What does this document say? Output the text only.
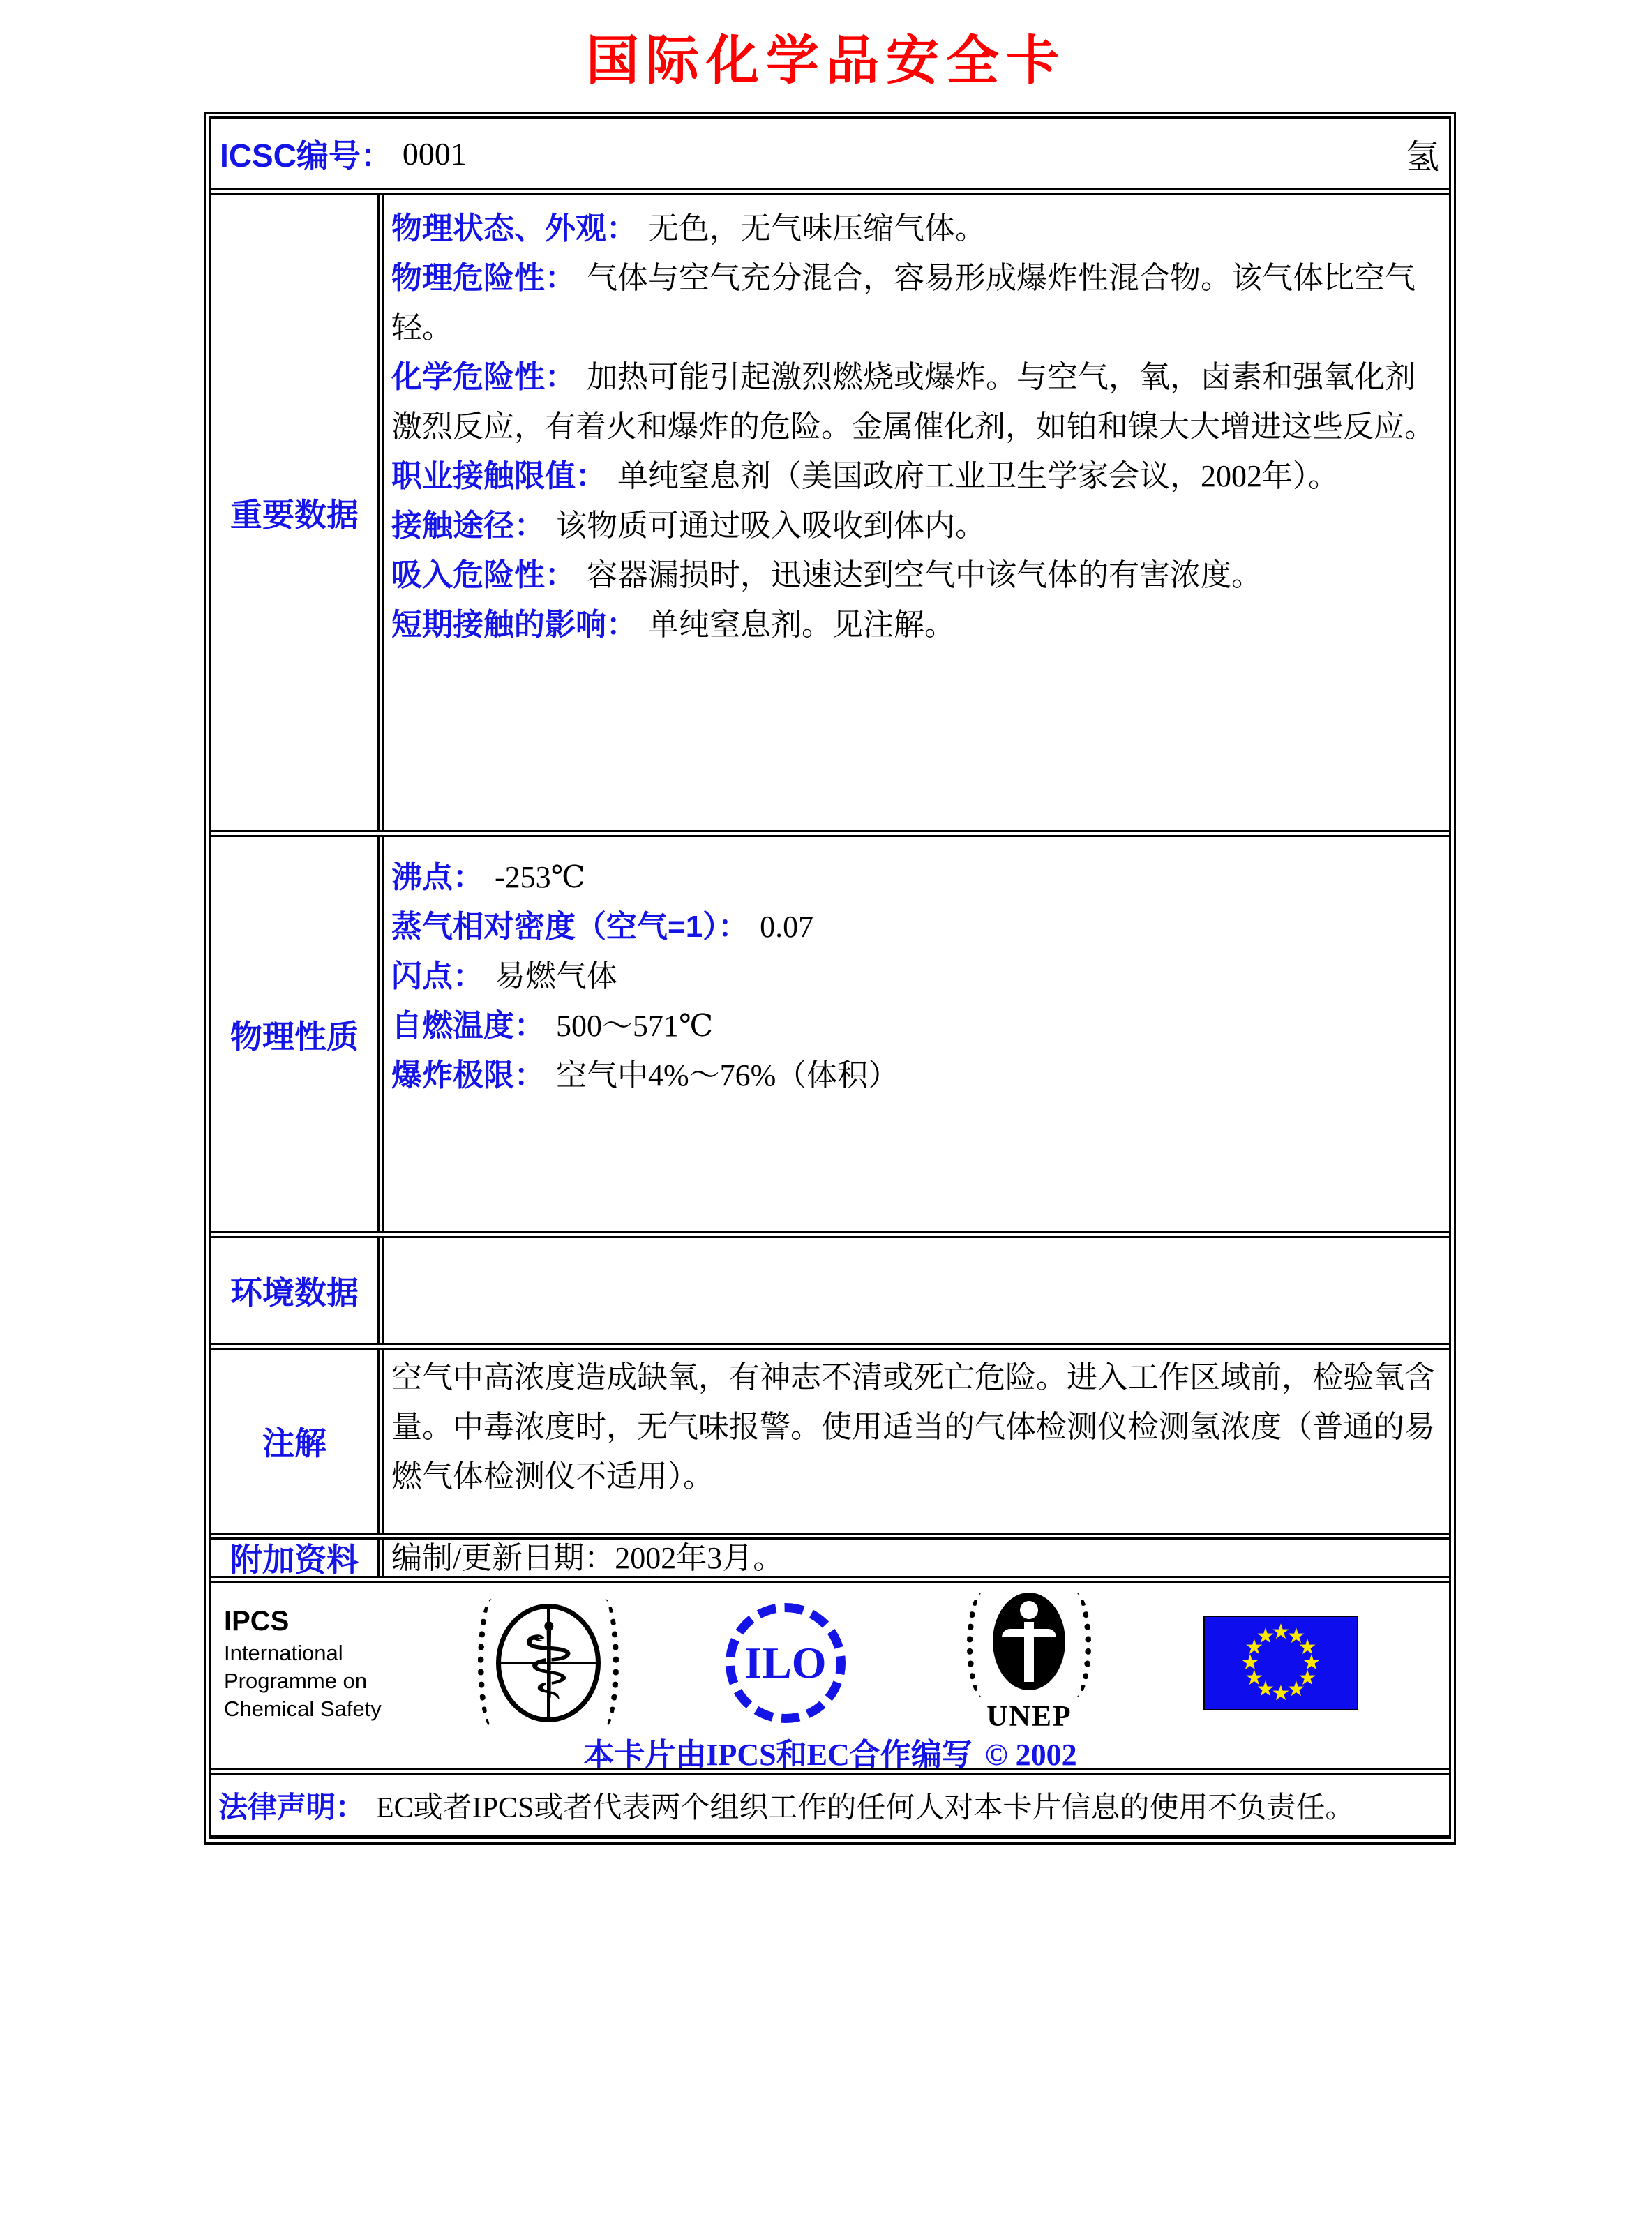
国际化学品安全卡
ICSC编号： 0001	氢
重要数据
物理状态、外观： 无色，无气味压缩气体。
物理危险性： 气体与空气充分混合，容易形成爆炸性混合物。该气体比空气轻。
化学危险性： 加热可能引起激烈燃烧或爆炸。与空气，氧，卤素和强氧化剂激烈反应，有着火和爆炸的危险。金属催化剂，如铂和镍大大增进这些反应。
职业接触限值： 单纯窒息剂（美国政府工业卫生学家会议，2002年）。
接触途径： 该物质可通过吸入吸收到体内。
吸入危险性： 容器漏损时，迅速达到空气中该气体的有害浓度。
短期接触的影响： 单纯窒息剂。见注解。
物理性质
沸点： -253℃
蒸气相对密度（空气=1）： 0.07
闪点： 易燃气体
自燃温度： 500～571℃
爆炸极限： 空气中4%～76%（体积）
环境数据
注解
空气中高浓度造成缺氧，有神志不清或死亡危险。进入工作区域前，检验氧含量。中毒浓度时，无气味报警。使用适当的气体检测仪检测氢浓度（普通的易燃气体检测仪不适用）。
附加资料	编制/更新日期：2002年3月。
IPCS
International
Programme on
Chemical Safety ⚕	ILO
UNEP
★
★
★
★
★
★
★
★
★
★
★
★
本卡片由IPCS和EC合作编写 © 2002
法律声明： EC或者IPCS或者代表两个组织工作的任何人对本卡片信息的使用不负责任。
